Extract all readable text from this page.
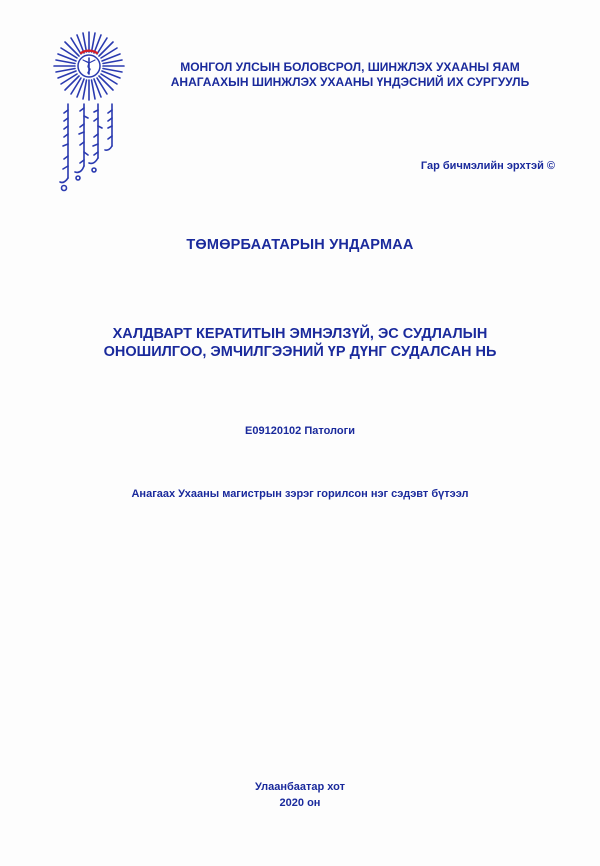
МОНГОЛ УЛСЫН БОЛОВСРОЛ, ШИНЖЛЭХ УХААНЫ ЯАМ
АНАГААХЫН ШИНЖЛЭХ УХААНЫ ҮНДЭСНИЙ ИХ СУРГУУЛЬ
Гар бичмэлийн эрхтэй ©
ТӨМӨРБААТАРЫН УНДАРМАА
ХАЛДВАРТ КЕРАТИТЫН ЭМНЭЛЗҮЙ, ЭС СУДЛАЛЫН
ОНОШИЛГОО, ЭМЧИЛГЭЭНИЙ ҮР ДҮНГ СУДАЛСАН НЬ
E09120102 Патологи
Анагаах Ухааны магистрын зэрэг горилсон нэг сэдэвт бүтээл
Улаанбаатар хот
2020 он
